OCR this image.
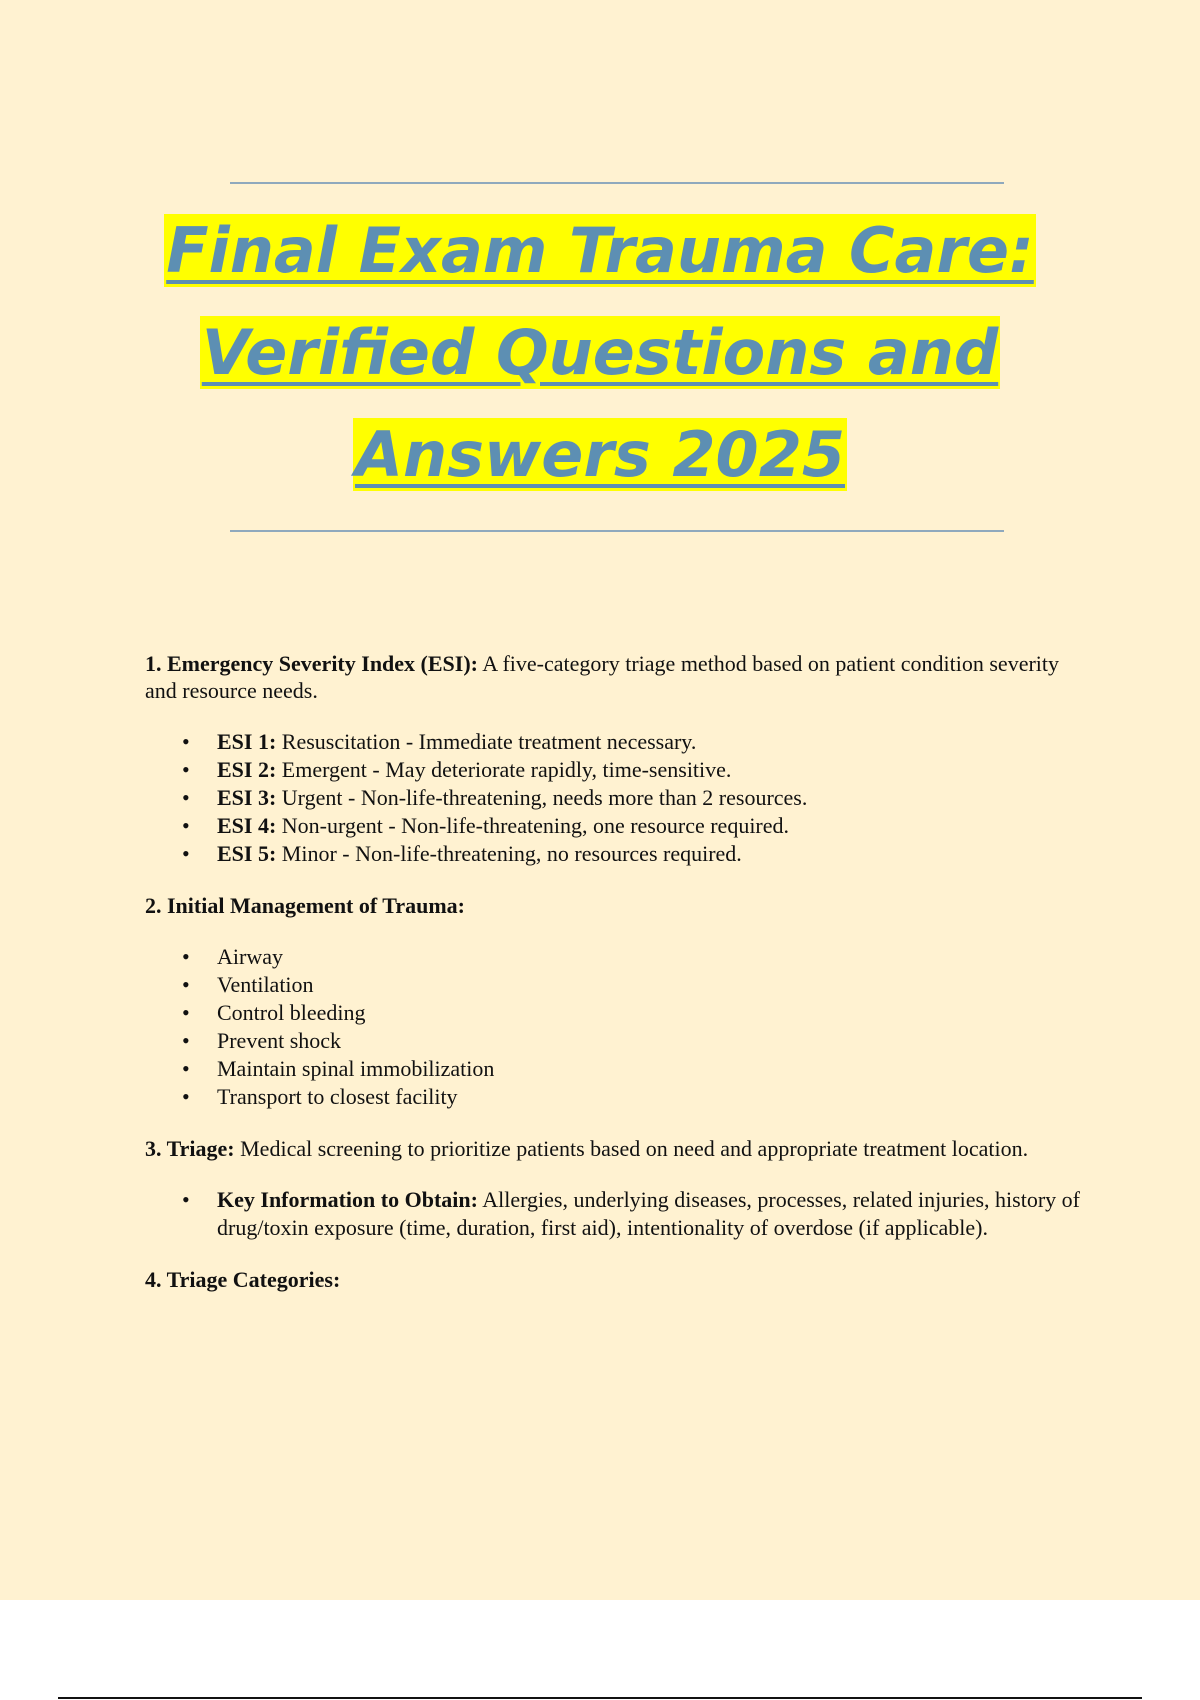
Final Exam Trauma Care:
Verified Questions and
Answers 2025

1. Emergency Severity Index (ESI): A five-category triage method based on patient condition severity and resource needs.

• ESI 1: Resuscitation - Immediate treatment necessary.
• ESI 2: Emergent - May deteriorate rapidly, time-sensitive.
• ESI 3: Urgent - Non-life-threatening, needs more than 2 resources.
• ESI 4: Non-urgent - Non-life-threatening, one resource required.
• ESI 5: Minor - Non-life-threatening, no resources required.

2. Initial Management of Trauma:

• Airway
• Ventilation
• Control bleeding
• Prevent shock
• Maintain spinal immobilization
• Transport to closest facility

3. Triage: Medical screening to prioritize patients based on need and appropriate treatment location.

• Key Information to Obtain: Allergies, underlying diseases, processes, related injuries, history of drug/toxin exposure (time, duration, first aid), intentionality of overdose (if applicable).

4. Triage Categories:
